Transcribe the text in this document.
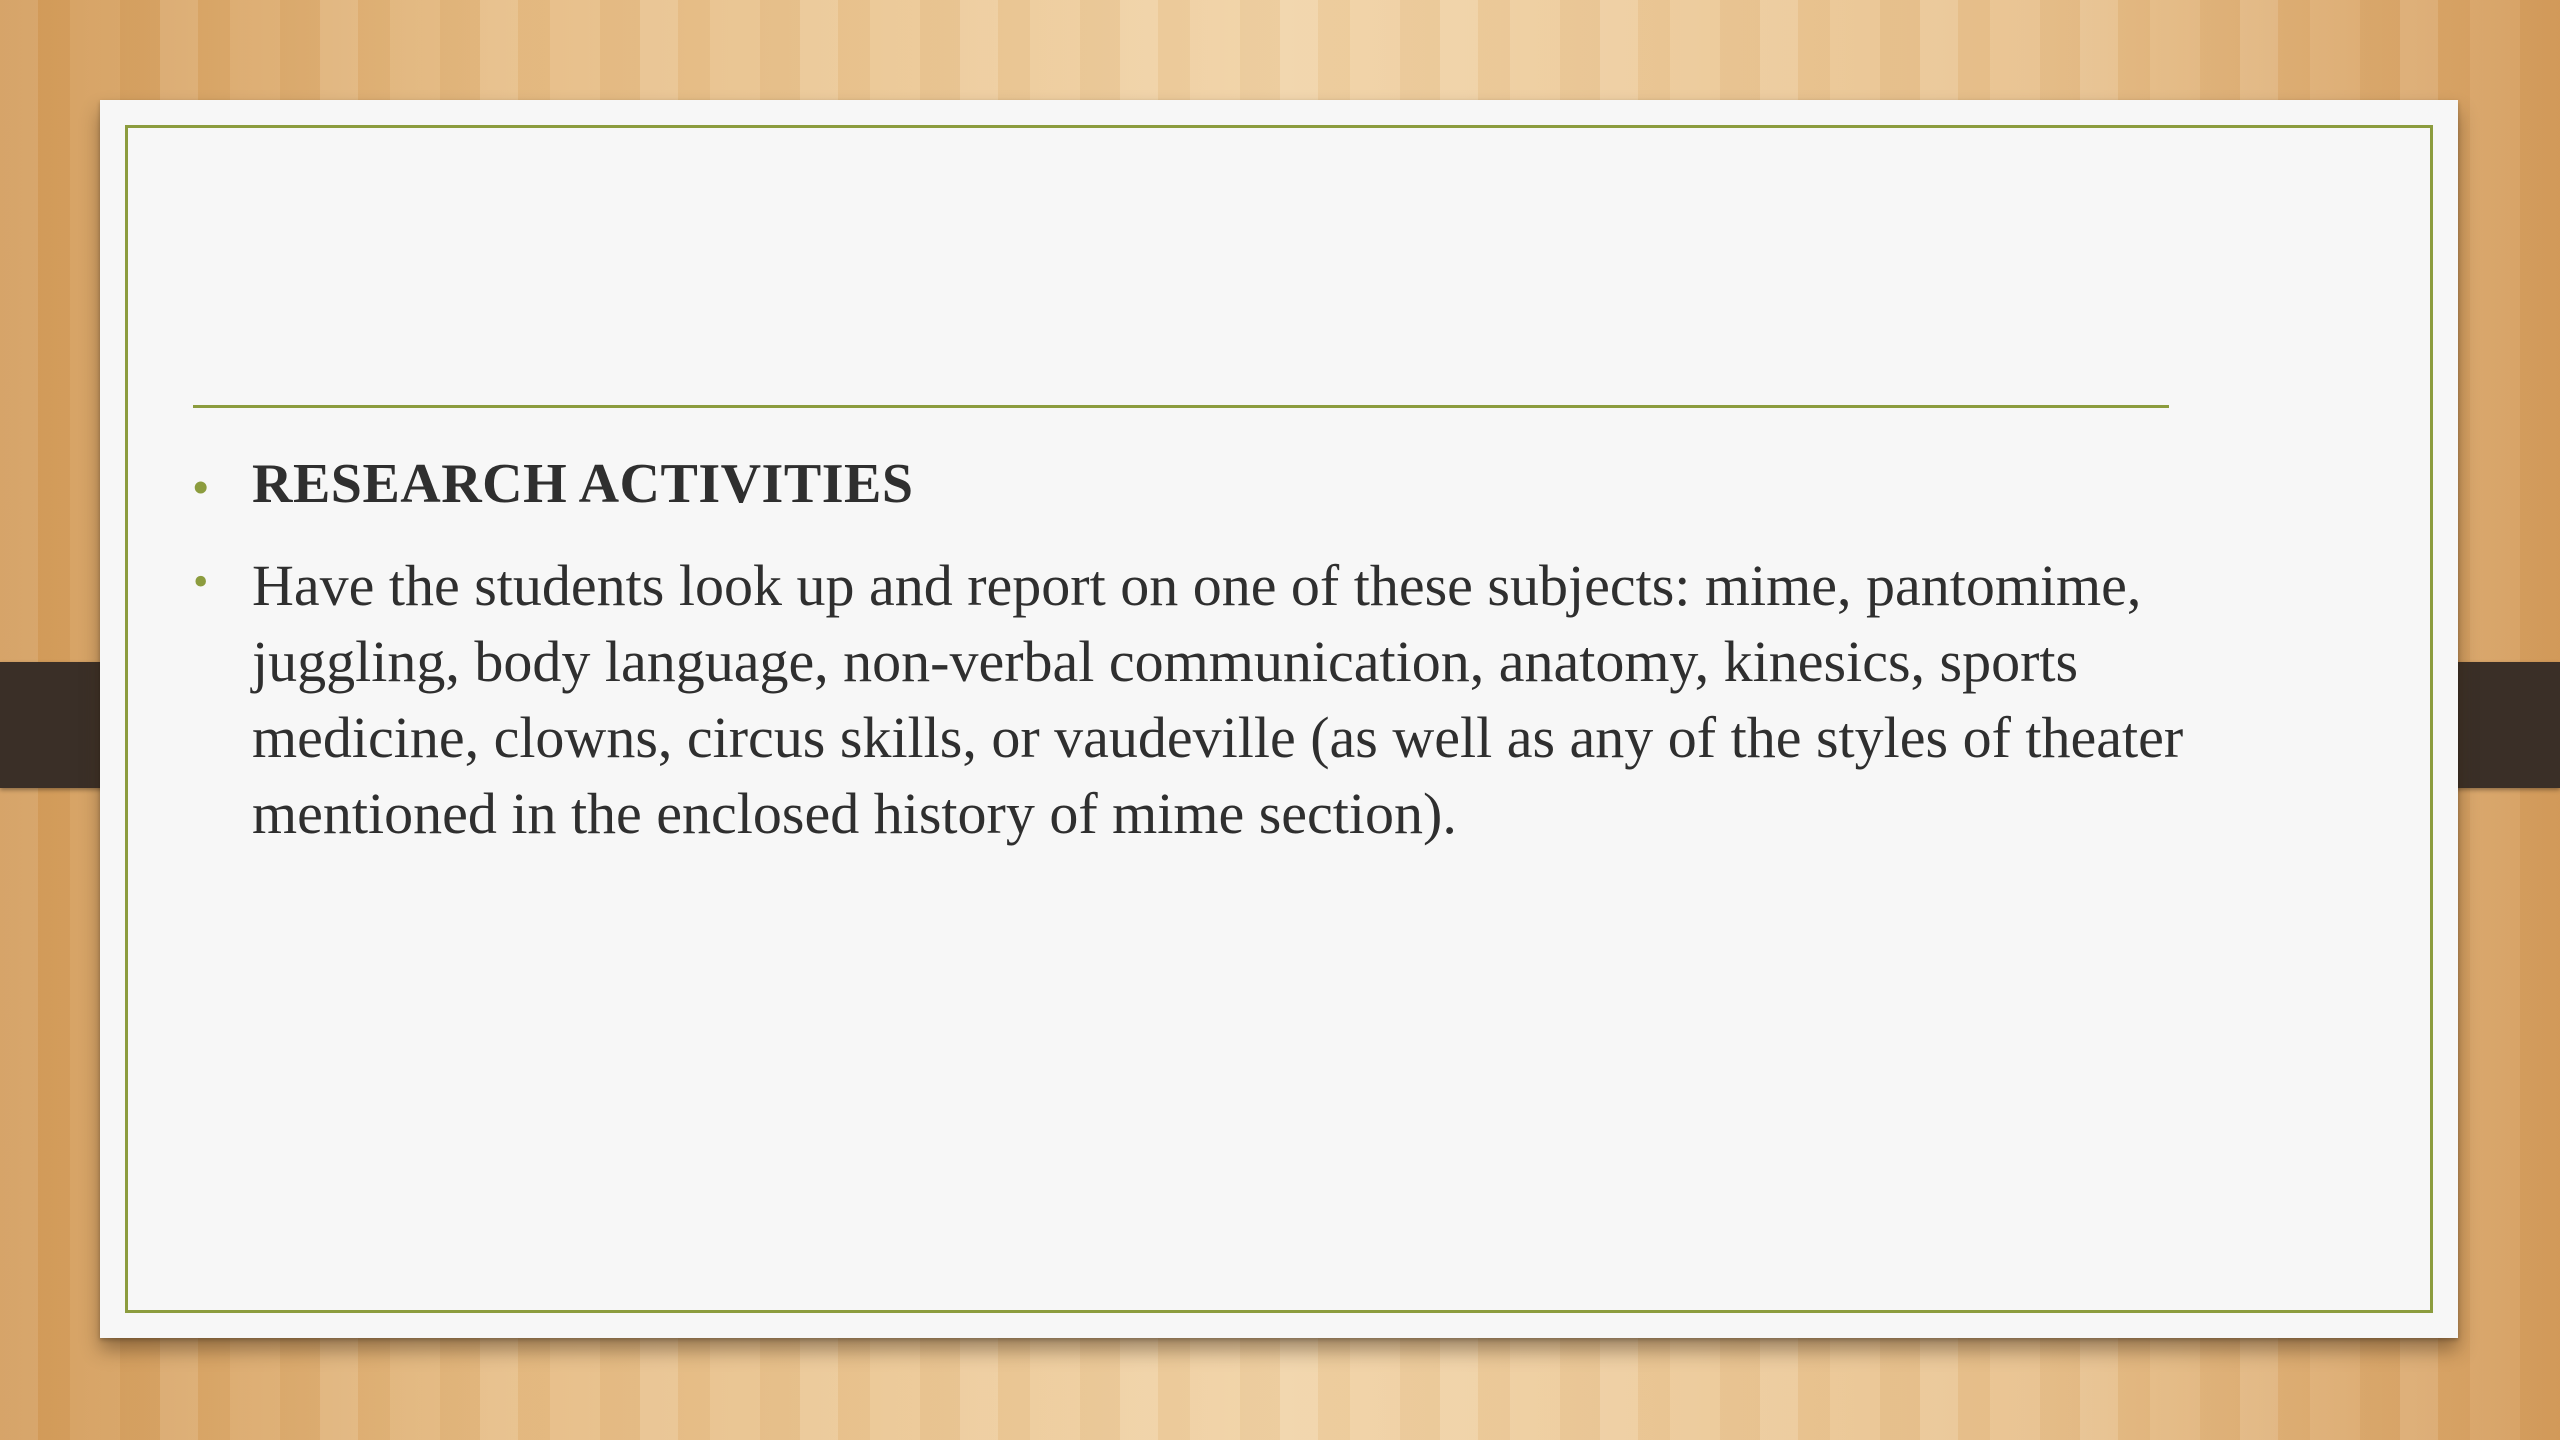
• RESEARCH ACTIVITIES
• Have the students look up and report on one of these subjects: mime, pantomime, juggling, body language, non-verbal communication, anatomy, kinesics, sports medicine, clowns, circus skills, or vaudeville (as well as any of the styles of theater mentioned in the enclosed history of mime section).
